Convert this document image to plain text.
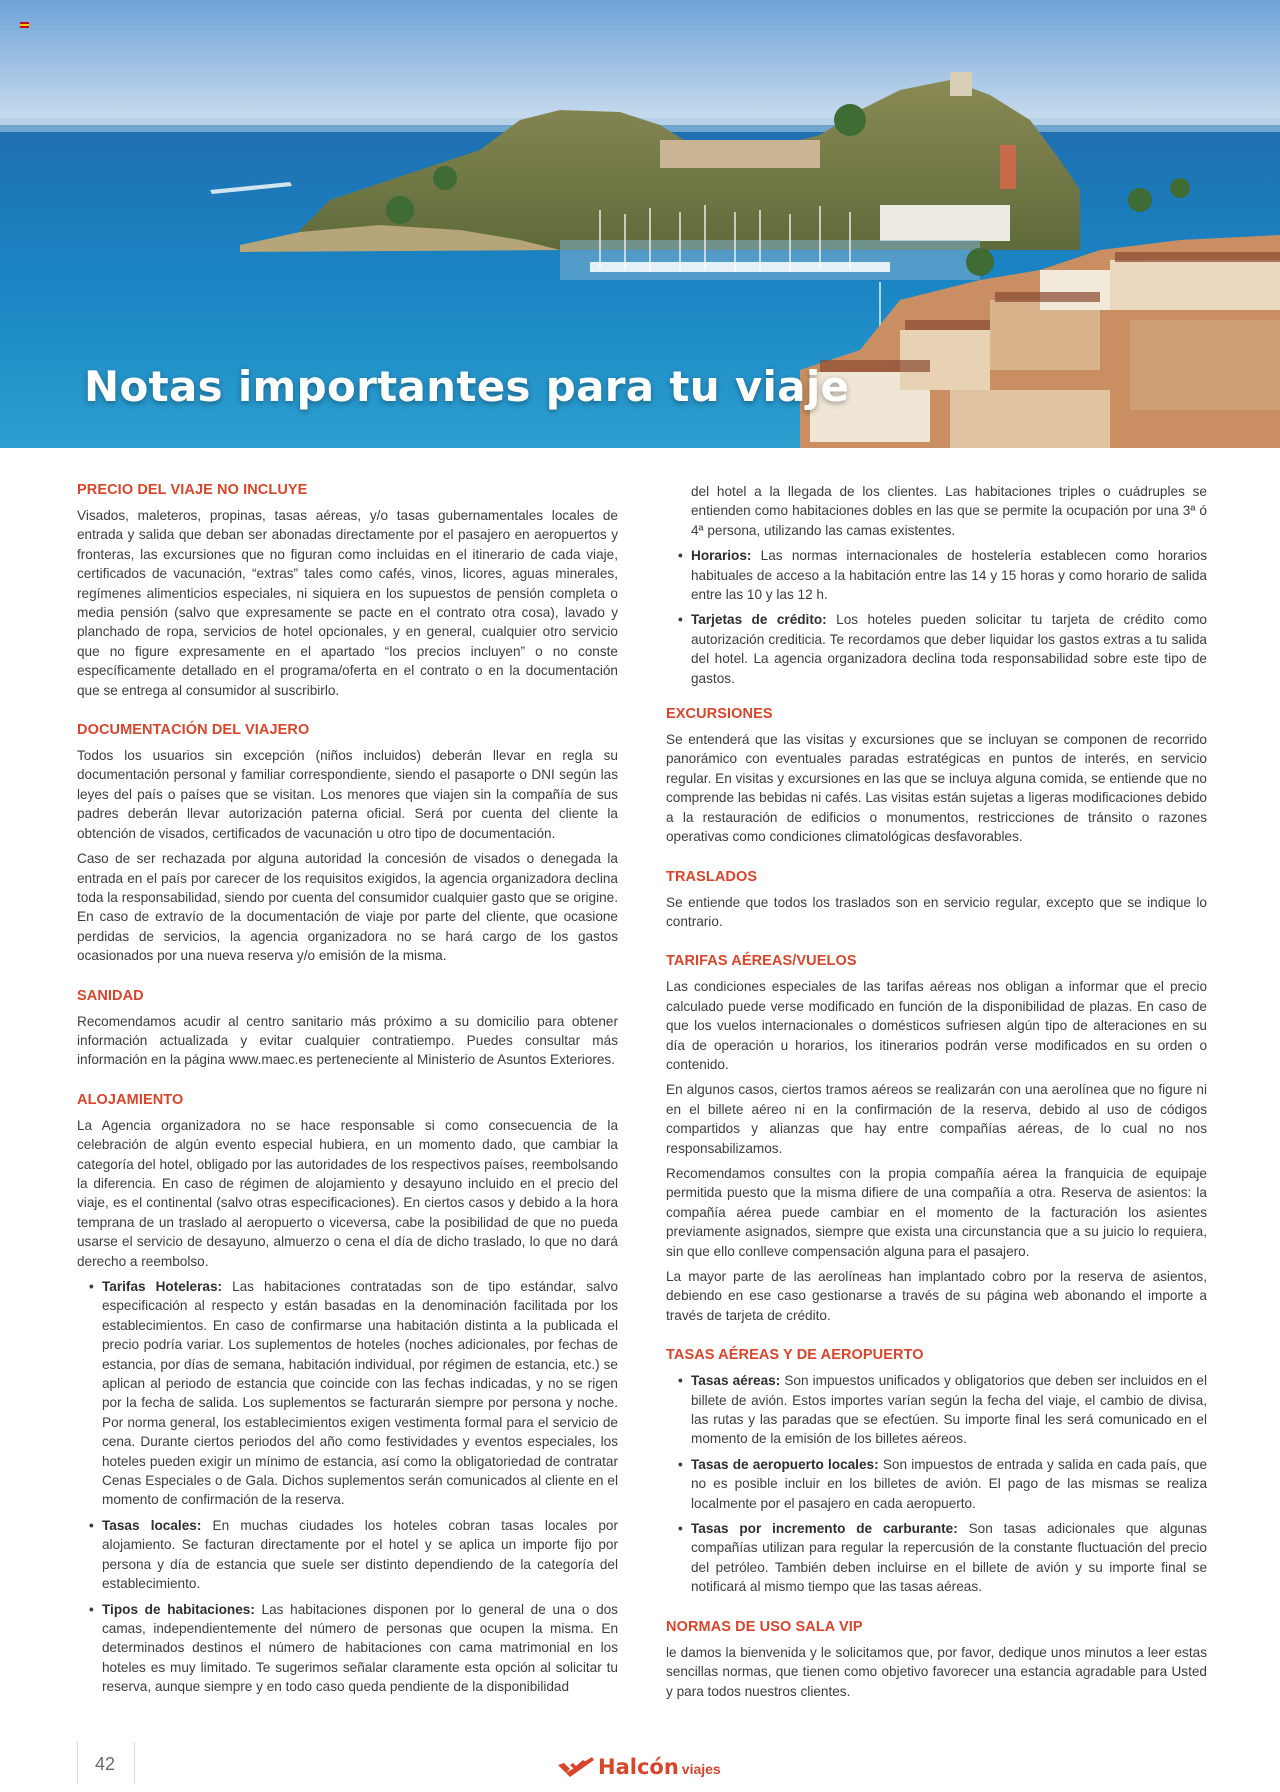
Notas importantes para tu viaje
PRECIO DEL VIAJE NO INCLUYE

Visados, maleteros, propinas, tasas aéreas, y/o tasas gubernamentales locales de entrada y salida que deban ser abonadas directamente por el pasajero en aeropuertos y fronteras, las excursiones que no figuran como incluidas en el itinerario de cada viaje, certificados de vacunación, “extras” tales como cafés, vinos, licores, aguas minerales, regímenes alimenticios especiales, ni siquiera en los supuestos de pensión completa o media pensión (salvo que expresamente se pacte en el contrato otra cosa), lavado y planchado de ropa, servicios de hotel opcionales, y en general, cualquier otro servicio que no figure expresamente en el apartado “los precios incluyen” o no conste específicamente detallado en el programa/oferta en el contrato o en la documentación que se entrega al consumidor al suscribirlo.

DOCUMENTACIÓN DEL VIAJERO

Todos los usuarios sin excepción (niños incluidos) deberán llevar en regla su documentación personal y familiar correspondiente, siendo el pasaporte o DNI según las leyes del país o países que se visitan. Los menores que viajen sin la compañía de sus padres deberán llevar autorización paterna oficial. Será por cuenta del cliente la obtención de visados, certificados de vacunación u otro tipo de documentación.

Caso de ser rechazada por alguna autoridad la concesión de visados o denegada la entrada en el país por carecer de los requisitos exigidos, la agencia organizadora declina toda la responsabilidad, siendo por cuenta del consumidor cualquier gasto que se origine. En caso de extravío de la documentación de viaje por parte del cliente, que ocasione perdidas de servicios, la agencia organizadora no se hará cargo de los gastos ocasionados por una nueva reserva y/o emisión de la misma.

SANIDAD

Recomendamos acudir al centro sanitario más próximo a su domicilio para obtener información actualizada y evitar cualquier contratiempo. Puedes consultar más información en la página www.maec.es perteneciente al Ministerio de Asuntos Exteriores.

ALOJAMIENTO

La Agencia organizadora no se hace responsable si como consecuencia de la celebración de algún evento especial hubiera, en un momento dado, que cambiar la categoría del hotel, obligado por las autoridades de los respectivos países, reembolsando la diferencia. En caso de régimen de alojamiento y desayuno incluido en el precio del viaje, es el continental (salvo otras especificaciones). En ciertos casos y debido a la hora temprana de un traslado al aeropuerto o viceversa, cabe la posibilidad de que no pueda usarse el servicio de desayuno, almuerzo o cena el día de dicho traslado, lo que no dará derecho a reembolso.

• Tarifas Hoteleras: Las habitaciones contratadas son de tipo estándar, salvo especificación al respecto y están basadas en la denominación facilitada por los establecimientos. En caso de confirmarse una habitación distinta a la publicada el precio podría variar. Los suplementos de hoteles (noches adicionales, por fechas de estancia, por días de semana, habitación individual, por régimen de estancia, etc.) se aplican al periodo de estancia que coincide con las fechas indicadas, y no se rigen por la fecha de salida. Los suplementos se facturarán siempre por persona y noche. Por norma general, los establecimientos exigen vestimenta formal para el servicio de cena. Durante ciertos periodos del año como festividades y eventos especiales, los hoteles pueden exigir un mínimo de estancia, así como la obligatoriedad de contratar Cenas Especiales o de Gala. Dichos suplementos serán comunicados al cliente en el momento de confirmación de la reserva.
• Tasas locales: En muchas ciudades los hoteles cobran tasas locales por alojamiento. Se facturan directamente por el hotel y se aplica un importe fijo por persona y día de estancia que suele ser distinto dependiendo de la categoría del establecimiento.
• Tipos de habitaciones: Las habitaciones disponen por lo general de una o dos camas, independientemente del número de personas que ocupen la misma. En determinados destinos el número de habitaciones con cama matrimonial en los hoteles es muy limitado. Te sugerimos señalar claramente esta opción al solicitar tu reserva, aunque siempre y en todo caso queda pendiente de la disponibilidad

del hotel a la llegada de los clientes. Las habitaciones triples o cuádruples se entienden como habitaciones dobles en las que se permite la ocupación por una 3ª ó 4ª persona, utilizando las camas existentes.

• Horarios: Las normas internacionales de hostelería establecen como horarios habituales de acceso a la habitación entre las 14 y 15 horas y como horario de salida entre las 10 y las 12 h.
• Tarjetas de crédito: Los hoteles pueden solicitar tu tarjeta de crédito como autorización crediticia. Te recordamos que deber liquidar los gastos extras a tu salida del hotel. La agencia organizadora declina toda responsabilidad sobre este tipo de gastos.
EXCURSIONES

Se entenderá que las visitas y excursiones que se incluyan se componen de recorrido panorámico con eventuales paradas estratégicas en puntos de interés, en servicio regular. En visitas y excursiones en las que se incluya alguna comida, se entiende que no comprende las bebidas ni cafés. Las visitas están sujetas a ligeras modificaciones debido a la restauración de edificios o monumentos, restricciones de tránsito o razones operativas como condiciones climatológicas desfavorables.

TRASLADOS

Se entiende que todos los traslados son en servicio regular, excepto que se indique lo contrario.

TARIFAS AÉREAS/VUELOS

Las condiciones especiales de las tarifas aéreas nos obligan a informar que el precio calculado puede verse modificado en función de la disponibilidad de plazas. En caso de que los vuelos internacionales o domésticos sufriesen algún tipo de alteraciones en su día de operación u horarios, los itinerarios podrán verse modificados en su orden o contenido.

En algunos casos, ciertos tramos aéreos se realizarán con una aerolínea que no figure ni en el billete aéreo ni en la confirmación de la reserva, debido al uso de códigos compartidos y alianzas que hay entre compañías aéreas, de lo cual no nos responsabilizamos.

Recomendamos consultes con la propia compañía aérea la franquicia de equipaje permitida puesto que la misma difiere de una compañía a otra. Reserva de asientos: la compañía aérea puede cambiar en el momento de la facturación los asientes previamente asignados, siempre que exista una circunstancia que a su juicio lo requiera, sin que ello conlleve compensación alguna para el pasajero.

La mayor parte de las aerolíneas han implantado cobro por la reserva de asientos, debiendo en ese caso gestionarse a través de su página web abonando el importe a través de tarjeta de crédito.

TASAS AÉREAS Y DE AEROPUERTO
• Tasas aéreas: Son impuestos unificados y obligatorios que deben ser incluidos en el billete de avión. Estos importes varían según la fecha del viaje, el cambio de divisa, las rutas y las paradas que se efectúen. Su importe final les será comunicado en el momento de la emisión de los billetes aéreos.
• Tasas de aeropuerto locales: Son impuestos de entrada y salida en cada país, que no es posible incluir en los billetes de avión. El pago de las mismas se realiza localmente por el pasajero en cada aeropuerto.
• Tasas por incremento de carburante: Son tasas adicionales que algunas compañías utilizan para regular la repercusión de la constante fluctuación del precio del petróleo. También deben incluirse en el billete de avión y su importe final se notificará al mismo tiempo que las tasas aéreas.
NORMAS DE USO SALA VIP

le damos la bienvenida y le solicitamos que, por favor, dedique unos minutos a leer estas sencillas normas, que tienen como objetivo favorecer una estancia agradable para Usted y para todos nuestros clientes.

42	Halcón viajes
